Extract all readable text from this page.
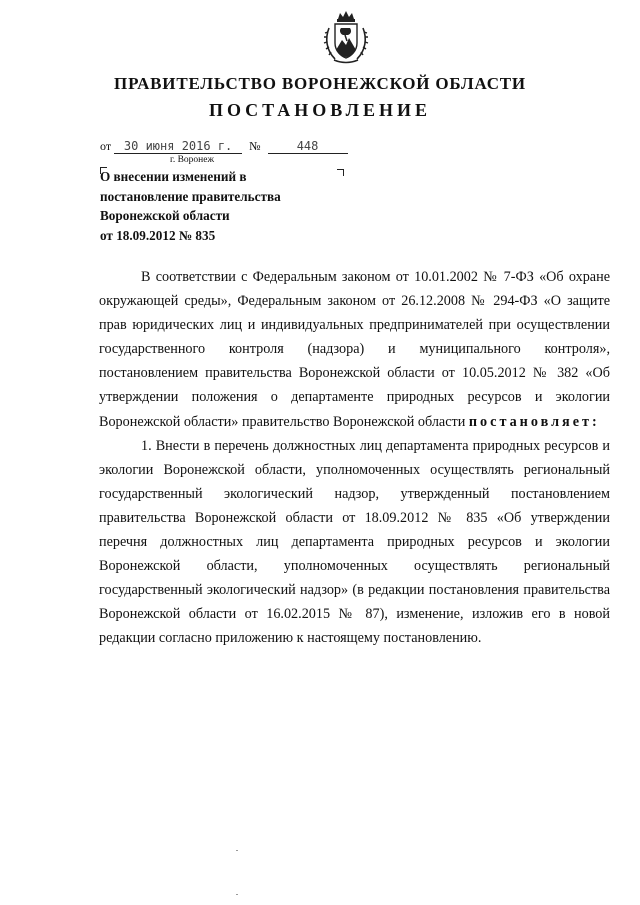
ПРАВИТЕЛЬСТВО ВОРОНЕЖСКОЙ ОБЛАСТИ
ПОСТАНОВЛЕНИЕ
от 30 июня 2016 г. №	448
г. Воронеж
О внесении изменений в
постановление правительства
Воронежской области
от 18.09.2012 № 835

В соответствии с Федеральным законом от 10.01.2002 № 7-ФЗ «Об охране окружающей среды», Федеральным законом от 26.12.2008 № 294-ФЗ «О защите прав юридических лиц и индивидуальных предпринимателей при осуществлении государственного контроля (надзора) и муниципального контроля», постановлением правительства Воронежской области от 10.05.2012 № 382 «Об утверждении положения о департаменте природных ресурсов и экологии Воронежской области» правительство Воронежской области постановляет:

1. Внести в перечень должностных лиц департамента природных ресурсов и экологии Воронежской области, уполномоченных осуществлять региональный государственный экологический надзор, утвержденный постановлением правительства Воронежской области от 18.09.2012 № 835 «Об утверждении перечня должностных лиц департамента природных ресурсов и экологии Воронежской области, уполномоченных осуществлять региональный государственный экологический надзор» (в редакции постановления правительства Воронежской области от 16.02.2015 № 87), изменение, изложив его в новой редакции согласно приложению к настоящему постановлению.
